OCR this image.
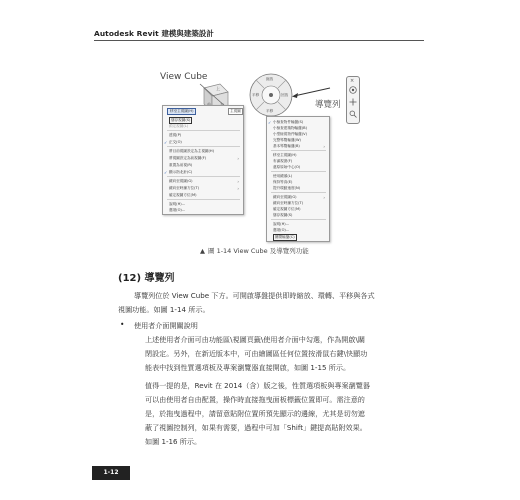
Autodesk Revit 建模與建築設計
View Cube
上
移至主視圖(H)
儲存視圖(S)
鎖定視圖(L)
透視(P)
✓ 正交(O)
將目前視圖設定為主視圖(H)
將視圖設定為前視圖(F)	›
重置為前視(R)
✓ 顯示指北針(C)
鏡向至視圖(G)	›
鏡向至時鐘方位(T)	›
確定視圖方位(M)
說明(H)...
選項(O)...
主視圖
縮放
平移	回放
平移
導覽列
×
✓ 小檢查物件輪盤(S)
小檢查建築物輪盤(B)
小型檢視物件輪盤(V)
完整導覽輪盤(W)
基本導覽輪盤(B)	›
移至主視圖(H)
布滿視窗(F)
還原原始中心(O)
使用鏡頭(L)
保持等高(E)
提升環動速度(N)
鏡向至視圖(G)	›
鏡向至時鐘方位(T)
確定視圖方位(M)
儲存視圖(S)
說明(H)...
選項(O)...
關閉輪盤(C)
▲ 圖 1-14 View Cube 及導覽列功能
(12) 導覽列
導覽列位於 View Cube 下方。可開啟導盤提供即時縮放、環轉、平移與各式
視圖功能。如圖 1-14 所示。
• 使用者介面開關說明
上述使用者介面可由功能區\視圖頁籤\使用者介面中勾選，作為開啟\關
閉設定。另外，在新近版本中，可由繪圖區任何位置按滑鼠右鍵\快顯功
能表中找到性質選項板及專案瀏覽器直接開啟，如圖 1-15 所示。
值得一提的是，Revit 在 2014（含）版之後，性質選項板與專案瀏覽器
可以由使用者自由配置，操作時直接拖曳面板標籤位置即可。需注意的
是，於拖曳過程中，請留意貼附位置所預先顯示的邊線，尤其是切勿遮
蔽了視圖控制列，如果有需要，過程中可加「Shift」鍵提高貼附效果。
如圖 1-16 所示。
1-12
